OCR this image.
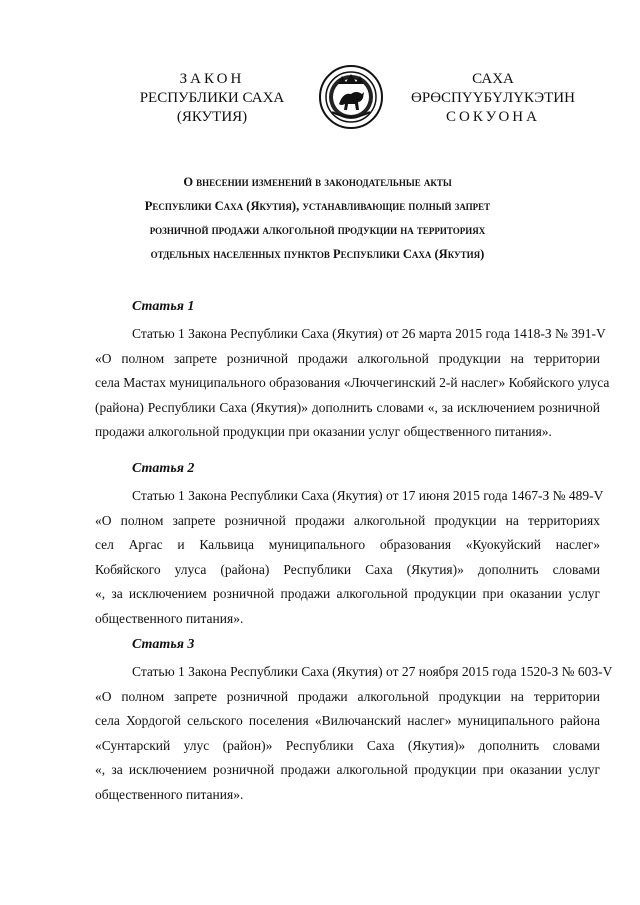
ЗАКОН
РЕСПУБЛИКИ САХА (ЯКУТИЯ)
САХА ӨРӨСПҮҮБҮЛҮКЭТИН
СОКУОНА
О внесении изменений в законодательные акты
Республики Саха (Якутия), устанавливающие полный запрет
розничной продажи алкогольной продукции на территориях
отдельных населенных пунктов Республики Саха (Якутия)
Статья 1
Статью 1 Закона Республики Саха (Якутия) от 26 марта 2015 года 1418-З № 391-V
«О полном запрете розничной продажи алкогольной продукции на территории
села Мастах муниципального образования «Люччегинский 2-й наслег» Кобяйского улуса
(района) Республики Саха (Якутия)» дополнить словами «, за исключением розничной
продажи алкогольной продукции при оказании услуг общественного питания».
Статья 2
Статью 1 Закона Республики Саха (Якутия) от 17 июня 2015 года 1467-З № 489-V
«О полном запрете розничной продажи алкогольной продукции на территориях
сел Аргас и Кальвица муниципального образования «Куокуйский наслег»
Кобяйского улуса (района) Республики Саха (Якутия)» дополнить словами
«, за исключением розничной продажи алкогольной продукции при оказании услуг
общественного питания».
Статья 3
Статью 1 Закона Республики Саха (Якутия) от 27 ноября 2015 года 1520-З № 603-V
«О полном запрете розничной продажи алкогольной продукции на территории
села Хордогой сельского поселения «Вилючанский наслег» муниципального района
«Сунтарский улус (район)» Республики Саха (Якутия)» дополнить словами
«, за исключением розничной продажи алкогольной продукции при оказании услуг
общественного питания».
